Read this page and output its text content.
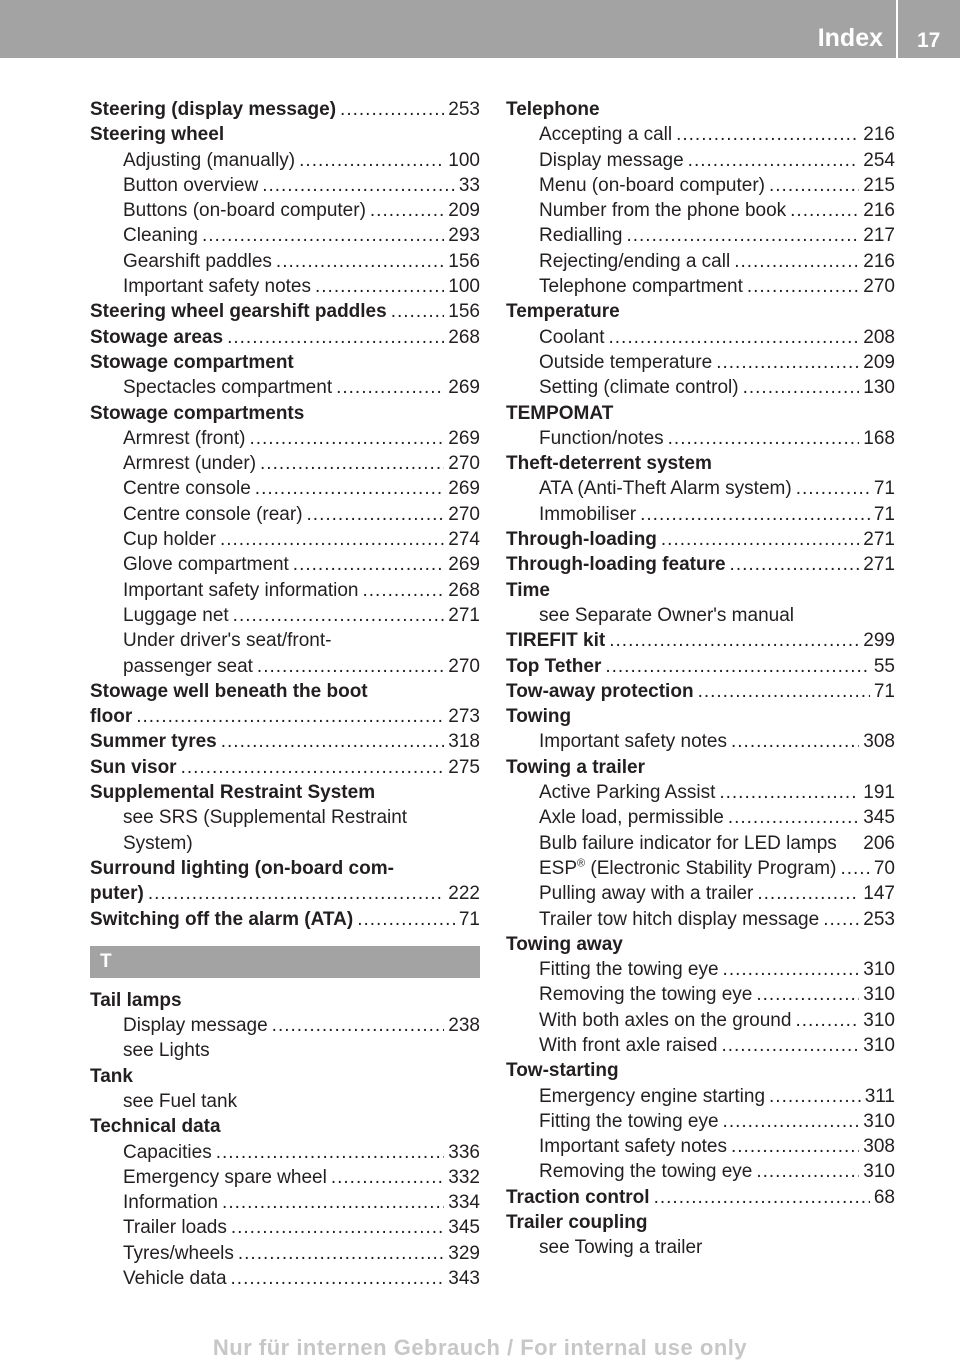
Index 17
Steering (display message) .....	253
Steering wheel
Adjusting (manually) .....	100
Button overview .....	33
Buttons (on-board computer) .....	209
Cleaning .....	293
Gearshift paddles .....	156
Important safety notes .....	100
Steering wheel gearshift paddles .....	156
Stowage areas .....	268
Stowage compartment
Spectacles compartment .....	269
Stowage compartments
Armrest (front) .....	269
Armrest (under) .....	270
Centre console .....	269
Centre console (rear) .....	270
Cup holder .....	274
Glove compartment .....	269
Important safety information .....	268
Luggage net .....	271
Under driver's seat/front-
passenger seat .....	270
Stowage well beneath the boot
floor .....	273
Summer tyres .....	318
Sun visor .....	275
Supplemental Restraint System
see SRS (Supplemental Restraint
System)
Surround lighting (on-board com-
puter) .....	222
Switching off the alarm (ATA) .....	71
T
Tail lamps
Display message .....	238
see Lights
Tank
see Fuel tank
Technical data
Capacities .....	336
Emergency spare wheel .....	332
Information .....	334
Trailer loads .....	345
Tyres/wheels .....	329
Vehicle data .....	343
Telephone
Accepting a call .....	216
Display message .....	254
Menu (on-board computer) .....	215
Number from the phone book .....	216
Redialling .....	217
Rejecting/ending a call .....	216
Telephone compartment .....	270
Temperature
Coolant .....	208
Outside temperature .....	209
Setting (climate control) .....	130
TEMPOMAT
Function/notes .....	168
Theft-deterrent system
ATA (Anti-Theft Alarm system) .....	71
Immobiliser .....	71
Through-loading .....	271
Through-loading feature .....	271
Time
see Separate Owner's manual
TIREFIT kit .....	299
Top Tether .....	55
Tow-away protection .....	71
Towing
Important safety notes .....	308
Towing a trailer
Active Parking Assist .....	191
Axle load, permissible .....	345
Bulb failure indicator for LED lamps 206
ESP® (Electronic Stability Program) ..... 70
Pulling away with a trailer .....	147
Trailer tow hitch display message ..... 253
Towing away
Fitting the towing eye .....	310
Removing the towing eye .....	310
With both axles on the ground .....	310
With front axle raised .....	310
Tow-starting
Emergency engine starting .....	311
Fitting the towing eye .....	310
Important safety notes .....	308
Removing the towing eye .....	310
Traction control .....	68
Trailer coupling
see Towing a trailer
Nur für internen Gebrauch / For internal use only
